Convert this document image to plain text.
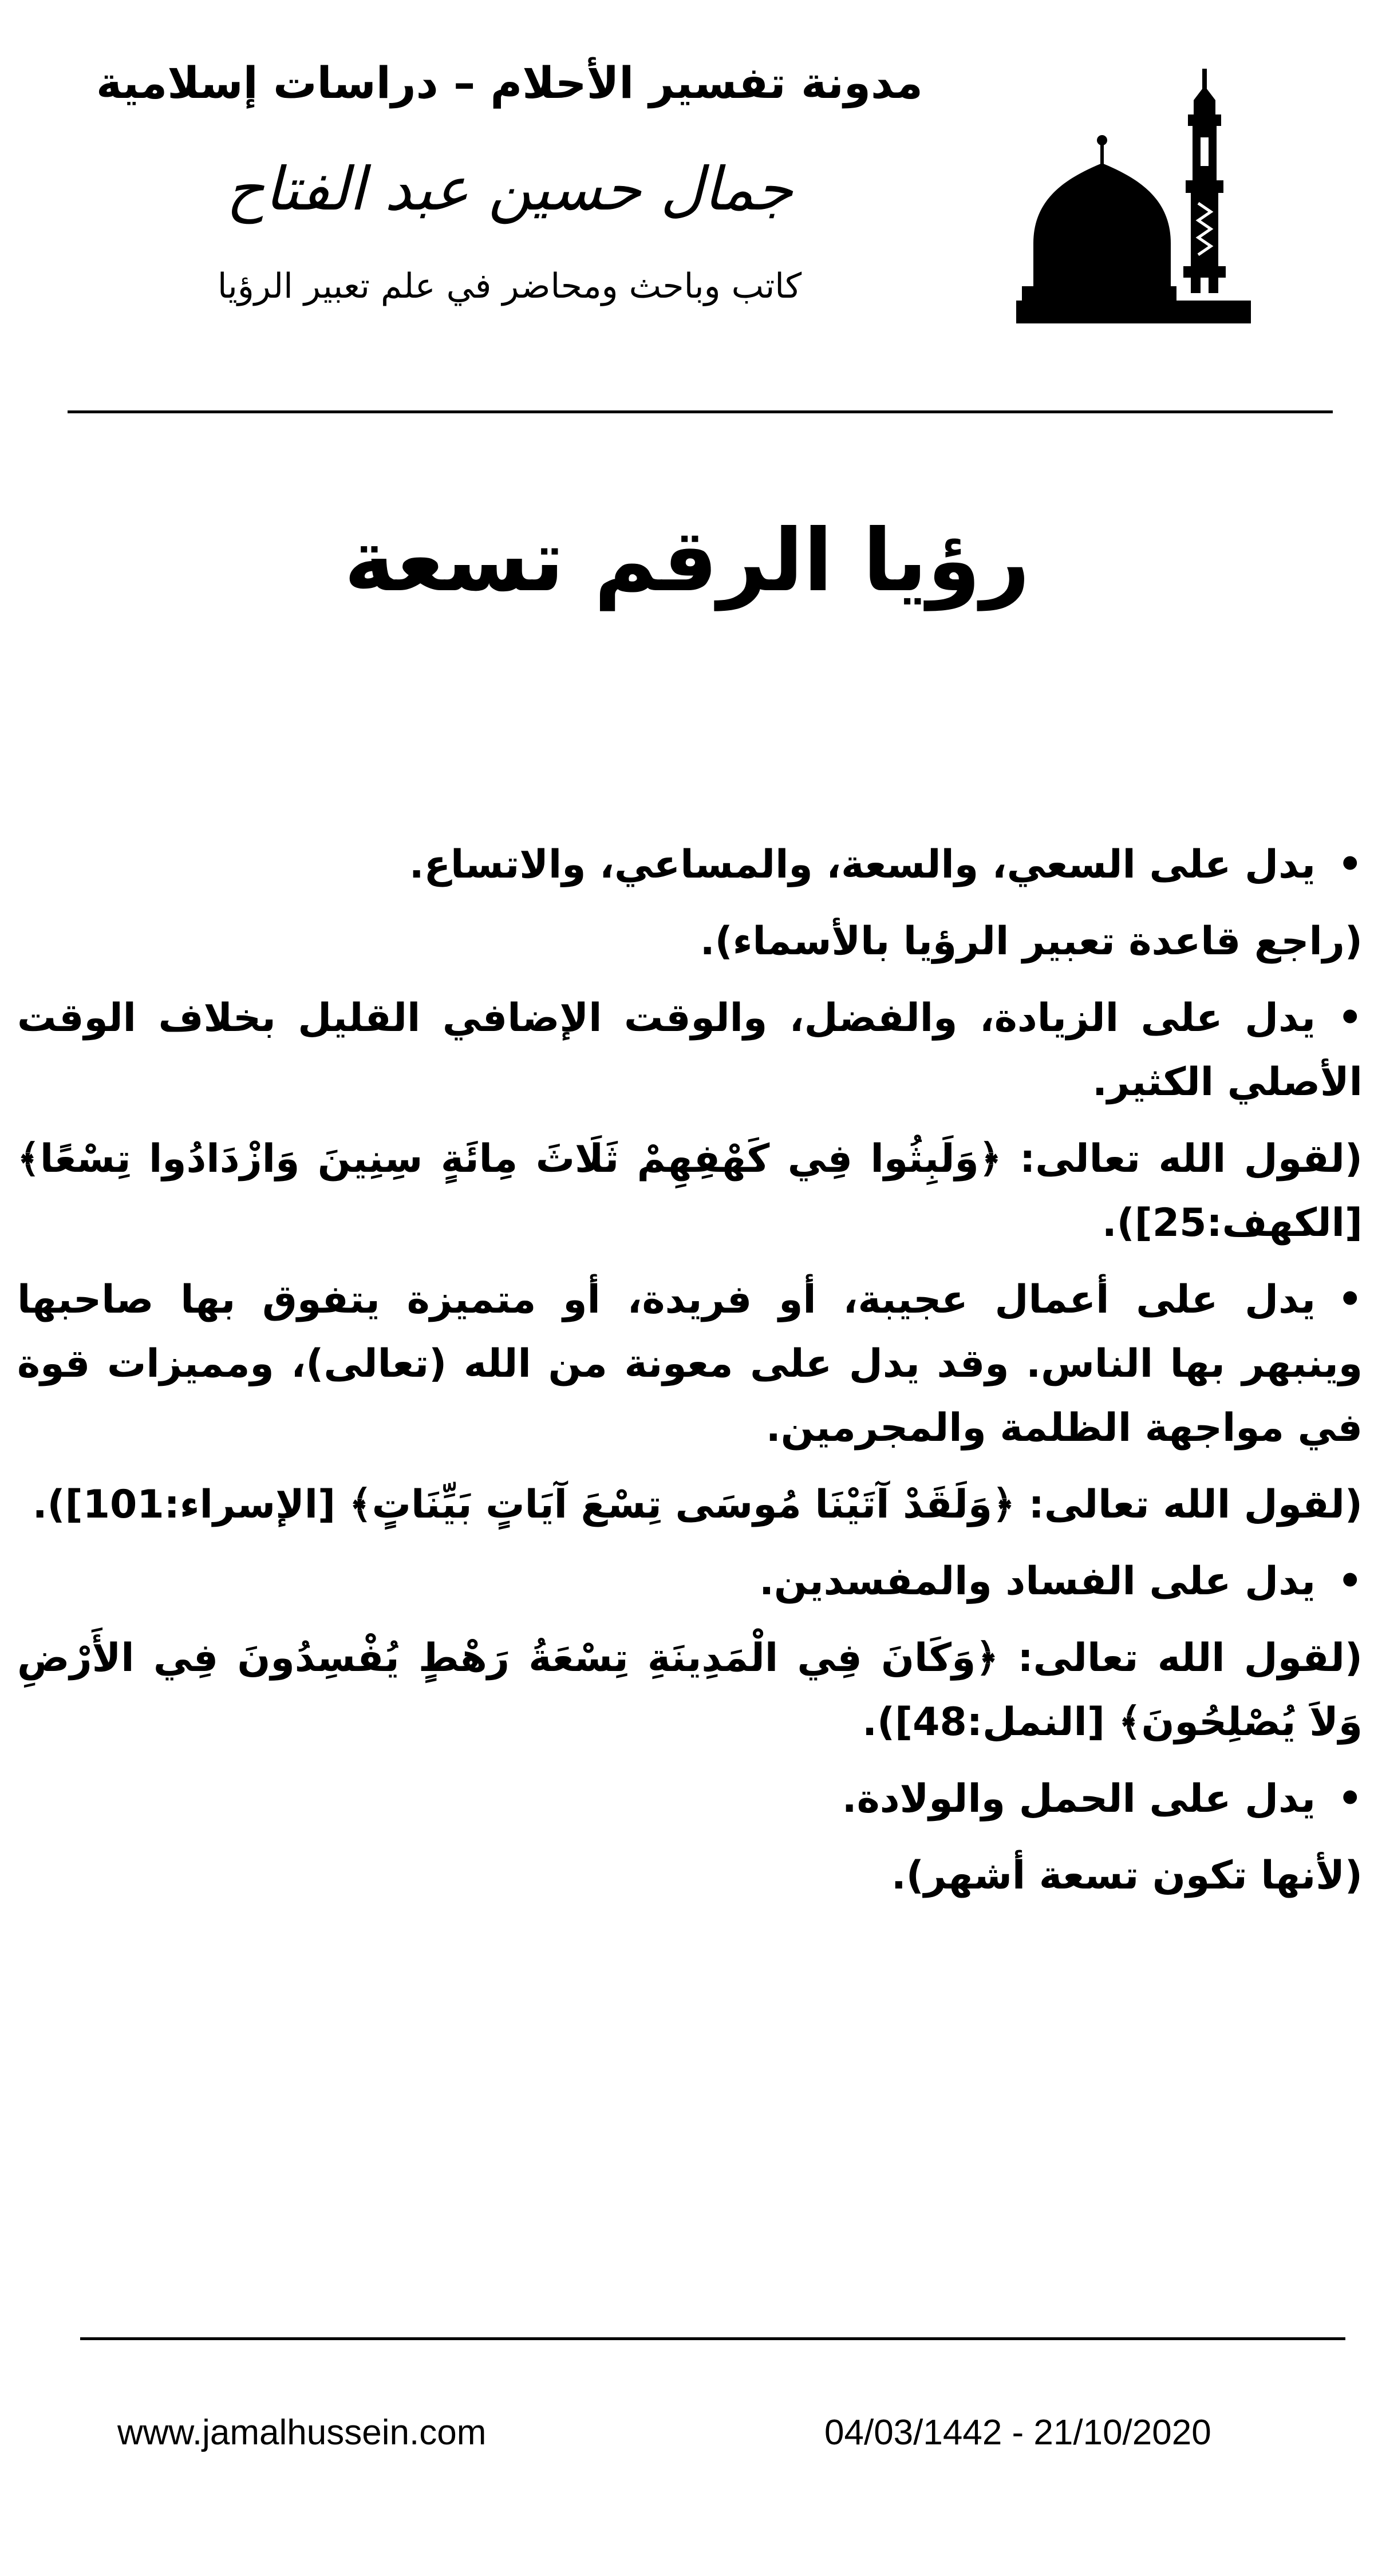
مدونة تفسير الأحلام – دراسات إسلامية
جمال حسين عبد الفتاح
كاتب وباحث ومحاضر في علم تعبير الرؤيا
رؤيا الرقم تسعة

•يدل على السعي، والسعة، والمساعي، والاتساع.

(راجع قاعدة تعبير الرؤيا بالأسماء).

•يدل على الزيادة، والفضل، والوقت الإضافي القليل بخلاف الوقت الأصلي الكثير.

(لقول الله تعالى: ﴿وَلَبِثُوا فِي كَهْفِهِمْ ثَلَاثَ مِائَةٍ سِنِينَ وَازْدَادُوا تِسْعًا﴾ [الكهف:25]).

•يدل على أعمال عجيبة، أو فريدة، أو متميزة يتفوق بها صاحبها وينبهر بها الناس. وقد يدل على معونة من الله (تعالى)، ومميزات قوة في مواجهة الظلمة والمجرمين.

(لقول الله تعالى: ﴿وَلَقَدْ آتَيْنَا مُوسَى تِسْعَ آيَاتٍ بَيِّنَاتٍ﴾ [الإسراء:101]).

•يدل على الفساد والمفسدين.

(لقول الله تعالى: ﴿وَكَانَ فِي الْمَدِينَةِ تِسْعَةُ رَهْطٍ يُفْسِدُونَ فِي الأَرْضِ وَلاَ يُصْلِحُونَ﴾ [النمل:48]).

•يدل على الحمل والولادة.

(لأنها تكون تسعة أشهر).

www.jamalhussein.com	04/03/1442 - 21/10/2020
